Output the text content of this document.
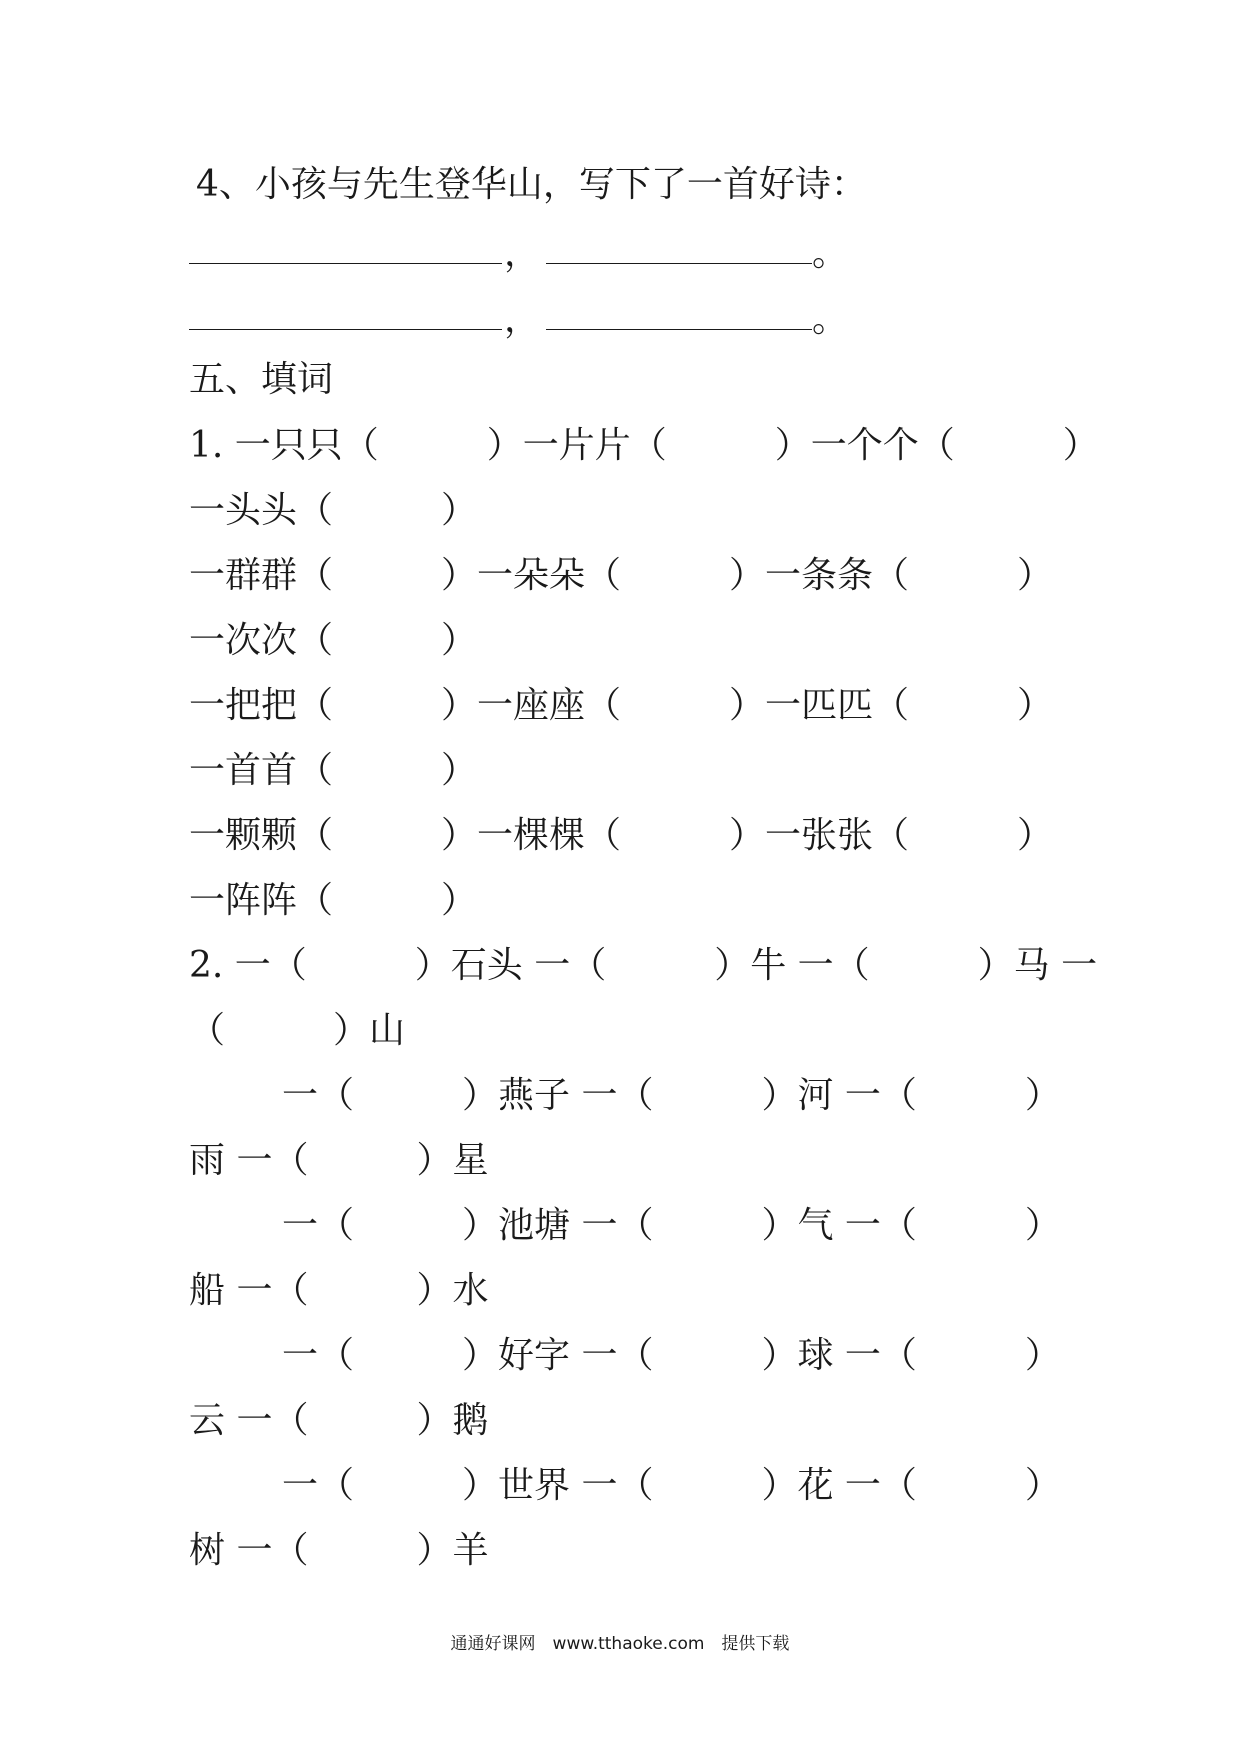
4、小孩与先生登华山，写下了一首好诗：
，	。
，	。
五、填词
1. 一只只（　　　）一片片（　　　）一个个（　　　）
一头头（　　　）
一群群（　　　）一朵朵（　　　）一条条（　　　）
一次次（　　　）
一把把（　　　）一座座（　　　）一匹匹（　　　）
一首首（　　　）
一颗颗（　　　）一棵棵（　　　）一张张（　　　）
一阵阵（　　　）
2. 一（　　　）石头 一（　　　）牛 一（　　　）马 一
（　　　）山
一（　　　）燕子 一（　　　）河 一（　　　）
雨 一（　　　）星
一（　　　）池塘 一（　　　）气 一（　　　）
船 一（　　　）水
一（　　　）好字 一（　　　）球 一（　　　）
云 一（　　　）鹅
一（　　　）世界 一（　　　）花 一（　　　）
树 一（　　　）羊
通通好课网　www.tthaoke.com　提供下载
